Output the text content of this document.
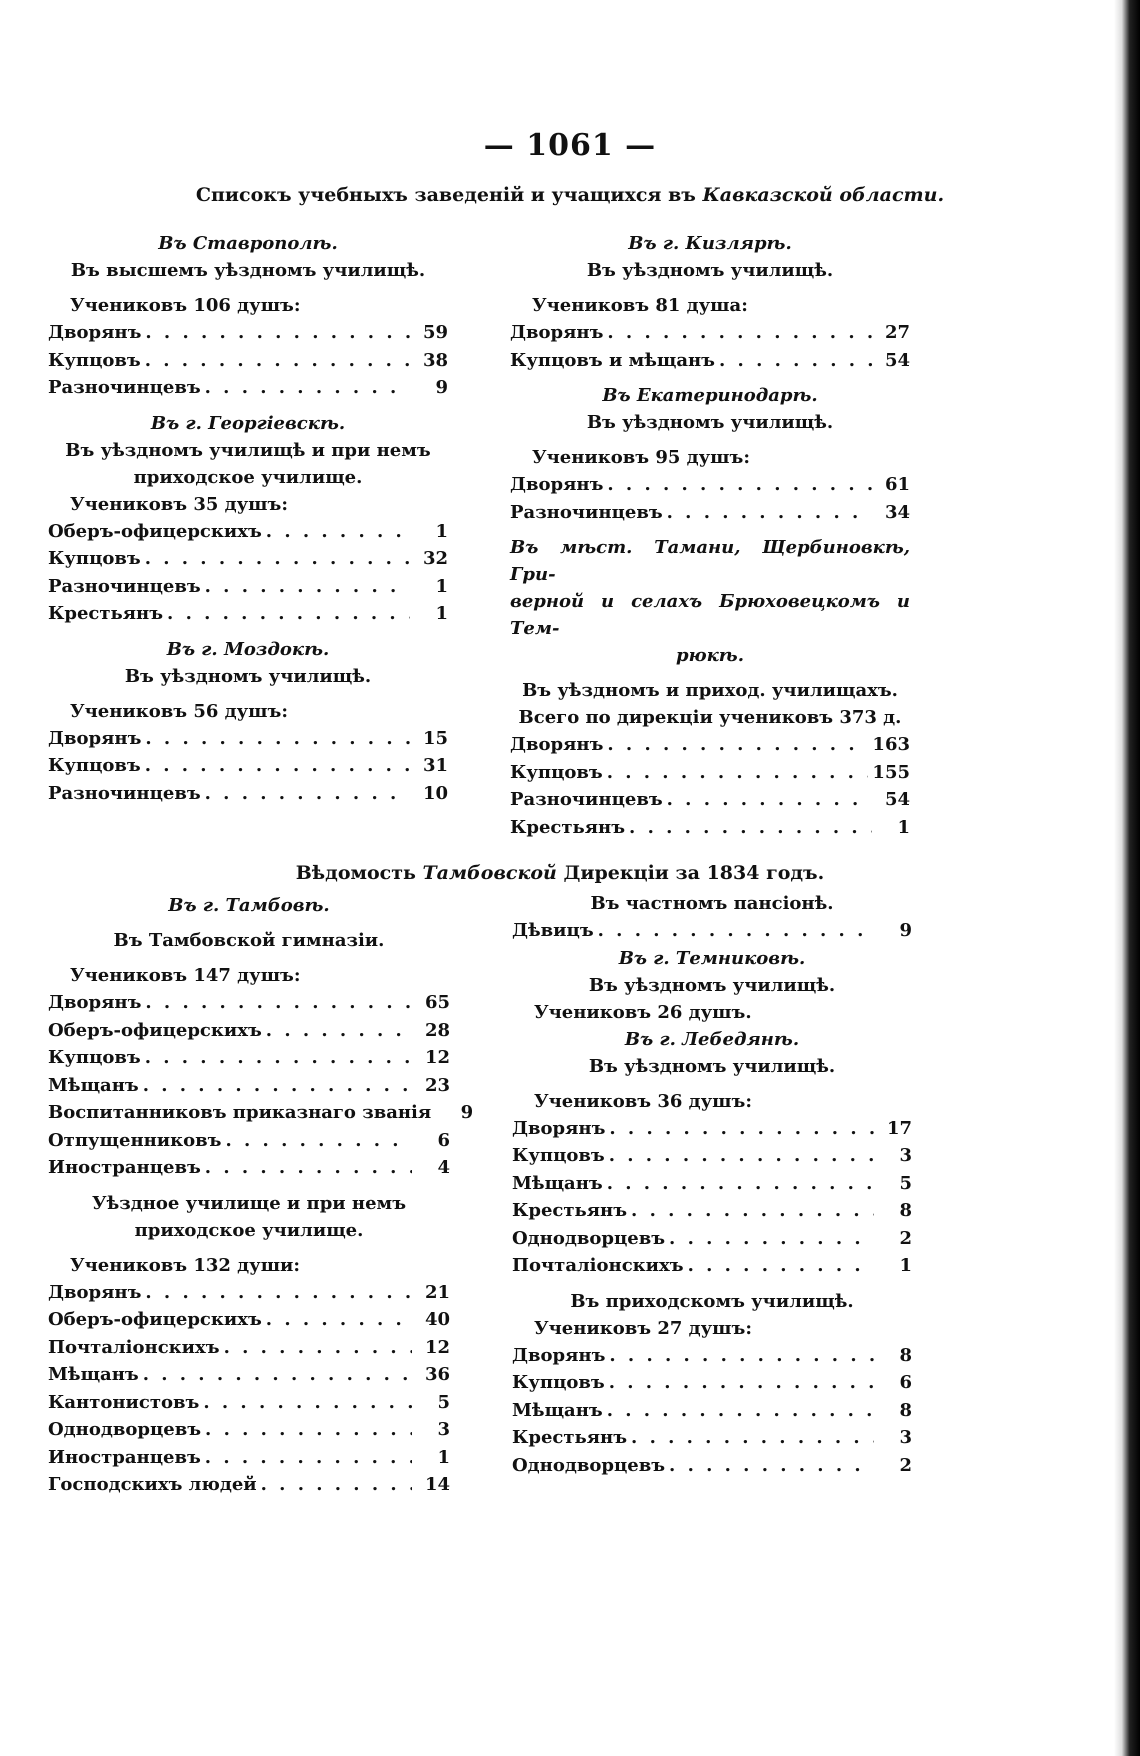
— 1061 —
Списокъ учебныхъ заведеній и учащихся въ Кавказской области.
Въ Ставрополѣ.
Въ высшемъ уѣздномъ училищѣ.
Учениковъ 106 душъ:
Дворянъ . . .	59
Купцовъ . . .	38
Разночинцевъ . . .	9
Въ г. Георгіевскѣ.
Въ уѣздномъ училищѣ и при немъ
приходское училище.
Учениковъ 35 душъ:
Оберъ-офицерскихъ . . .	1
Купцовъ . . .	32
Разночинцевъ . . .	1
Крестьянъ . . .	1
Въ г. Моздокѣ.
Въ уѣздномъ училищѣ.
Учениковъ 56 душъ:
Дворянъ . . .	15
Купцовъ . . .	31
Разночинцевъ . . .	10
Въ г. Кизлярѣ.
Въ уѣздномъ училищѣ.
Учениковъ 81 душа:
Дворянъ . . .	27
Купцовъ и мѣщанъ . . .	54
Въ Екатеринодарѣ.
Въ уѣздномъ училищѣ.
Учениковъ 95 душъ:
Дворянъ . . .	61
Разночинцевъ . . .	34
Въ мѣст. Тамани, Щербиновкѣ, Гри-
верной и селахъ Брюховецкомъ и Тем-
рюкѣ.
Въ уѣздномъ и приход. училищахъ.
Всего по дирекціи учениковъ 373 д.
Дворянъ . . .	163
Купцовъ . . .	155
Разночинцевъ . . .	54
Крестьянъ . . .	1
Вѣдомость Тамбовской Дирекціи за 1834 годъ.
Въ г. Тамбовѣ.
Въ Тамбовской гимназіи.
Учениковъ 147 душъ:
Дворянъ . . .	65
Оберъ-офицерскихъ . . .	28
Купцовъ . . .	12
Мѣщанъ . . .	23
Воспитанниковъ приказнаго званія	9
Отпущенниковъ . . .	6
Иностранцевъ . . .	4
Уѣздное училище и при немъ
приходское училище.
Учениковъ 132 души:
Дворянъ . . .	21
Оберъ-офицерскихъ . . .	40
Почталіонскихъ . . .	12
Мѣщанъ . . .	36
Кантонистовъ . . .	5
Однодворцевъ . . .	3
Иностранцевъ . . .	1
Господскихъ людей . . .	14
Въ частномъ пансіонѣ.
Дѣвицъ . . .	9
Въ г. Темниковѣ.
Въ уѣздномъ училищѣ.
Учениковъ 26 душъ.
Въ г. Лебедянѣ.
Въ уѣздномъ училищѣ.
Учениковъ 36 душъ:
Дворянъ . . .	17
Купцовъ . . .	3
Мѣщанъ . . .	5
Крестьянъ . . .	8
Однодворцевъ . . .	2
Почталіонскихъ . . .	1
Въ приходскомъ училищѣ.
Учениковъ 27 душъ:
Дворянъ . . .	8
Купцовъ . . .	6
Мѣщанъ . . .	8
Крестьянъ . . .	3
Однодворцевъ . . .	2
